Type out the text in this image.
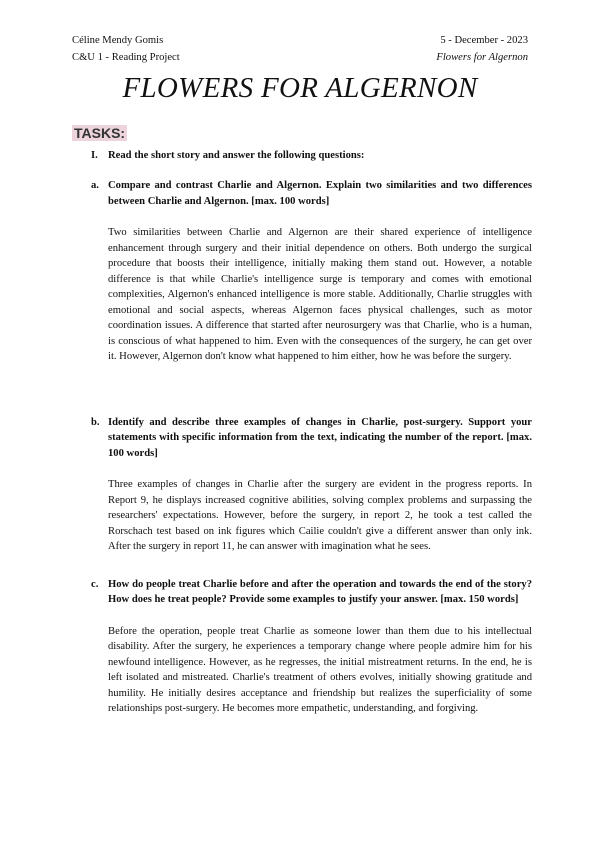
Céline Mendy Gomis
C&U 1 - Reading Project
5 - December - 2023
Flowers for Algernon
FLOWERS FOR ALGERNON
TASKS:
I. Read the short story and answer the following questions:
a. Compare and contrast Charlie and Algernon. Explain two similarities and two differences between Charlie and Algernon. [max. 100 words]
Two similarities between Charlie and Algernon are their shared experience of intelligence enhancement through surgery and their initial dependence on others. Both undergo the surgical procedure that boosts their intelligence, initially making them stand out. However, a notable difference is that while Charlie's intelligence surge is temporary and comes with emotional complexities, Algernon's enhanced intelligence is more stable. Additionally, Charlie struggles with emotional and social aspects, whereas Algernon faces physical challenges, such as motor coordination issues. A difference that started after neurosurgery was that Charlie, who is a human, is conscious of what happened to him. Even with the consequences of the surgery, he can get over it. However, Algernon don't know what happened to him either, how he was before the surgery.
b. Identify and describe three examples of changes in Charlie, post-surgery. Support your statements with specific information from the text, indicating the number of the report. [max. 100 words]
Three examples of changes in Charlie after the surgery are evident in the progress reports. In Report 9, he displays increased cognitive abilities, solving complex problems and surpassing the researchers' expectations. However, before the surgery, in report 2, he took a test called the Rorschach test based on ink figures which Cailie couldn't give a different answer than only ink. After the surgery in report 11, he can answer with imagination what he sees.
c. How do people treat Charlie before and after the operation and towards the end of the story? How does he treat people? Provide some examples to justify your answer. [max. 150 words]
Before the operation, people treat Charlie as someone lower than them due to his intellectual disability. After the surgery, he experiences a temporary change where people admire him for his newfound intelligence. However, as he regresses, the initial mistreatment returns. In the end, he is left isolated and mistreated. Charlie's treatment of others evolves, initially showing gratitude and humility. He initially desires acceptance and friendship but realizes the superficiality of some relationships post-surgery. He becomes more empathetic, understanding, and forgiving.
